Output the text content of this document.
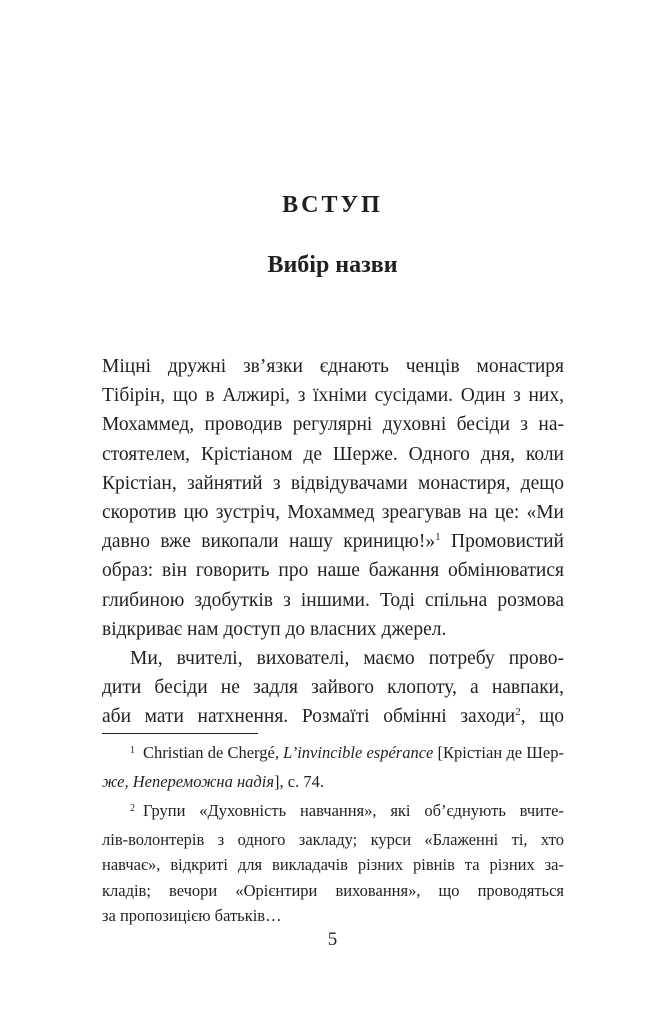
ВСТУП
Вибір назви
Міцні дружні зв’язки єднають ченців монастиря
Тібірін, що в Алжирі, з їхніми сусідами. Один з них,
Мохаммед, проводив регулярні духовні бесіди з на-
стоятелем, Крістіаном де Шерже. Одного дня, коли
Крістіан, зайнятий з відвідувачами монастиря, дещо
скоротив цю зустріч, Мохаммед зреагував на це: «Ми
давно вже викопали нашу криницю!»$^1$ Промовистий
образ: він говорить про наше бажання обмінюватися
глибиною здобутків з іншими. Тоді спільна розмова
відкриває нам доступ до власних джерел.
Ми, вчителі, вихователі, маємо потребу прово-
дити бесіди не задля зайвого клопоту, а навпаки,
аби мати натхнення. Розмаїті обмінні заходи$^2$, що
$^1$ Christian de Chergé, L’invincible espérance [Крістіан де Шер-
же, Непереможна надія], с. 74.
$^2$ Групи «Духовність навчання», які об’єднують вчите-
лів-волонтерів з одного закладу; курси «Блаженні ті, хто
навчає», відкриті для викладачів різних рівнів та різних за-
кладів; вечори «Орієнтири виховання», що проводяться
за пропозицією батьків…
5
